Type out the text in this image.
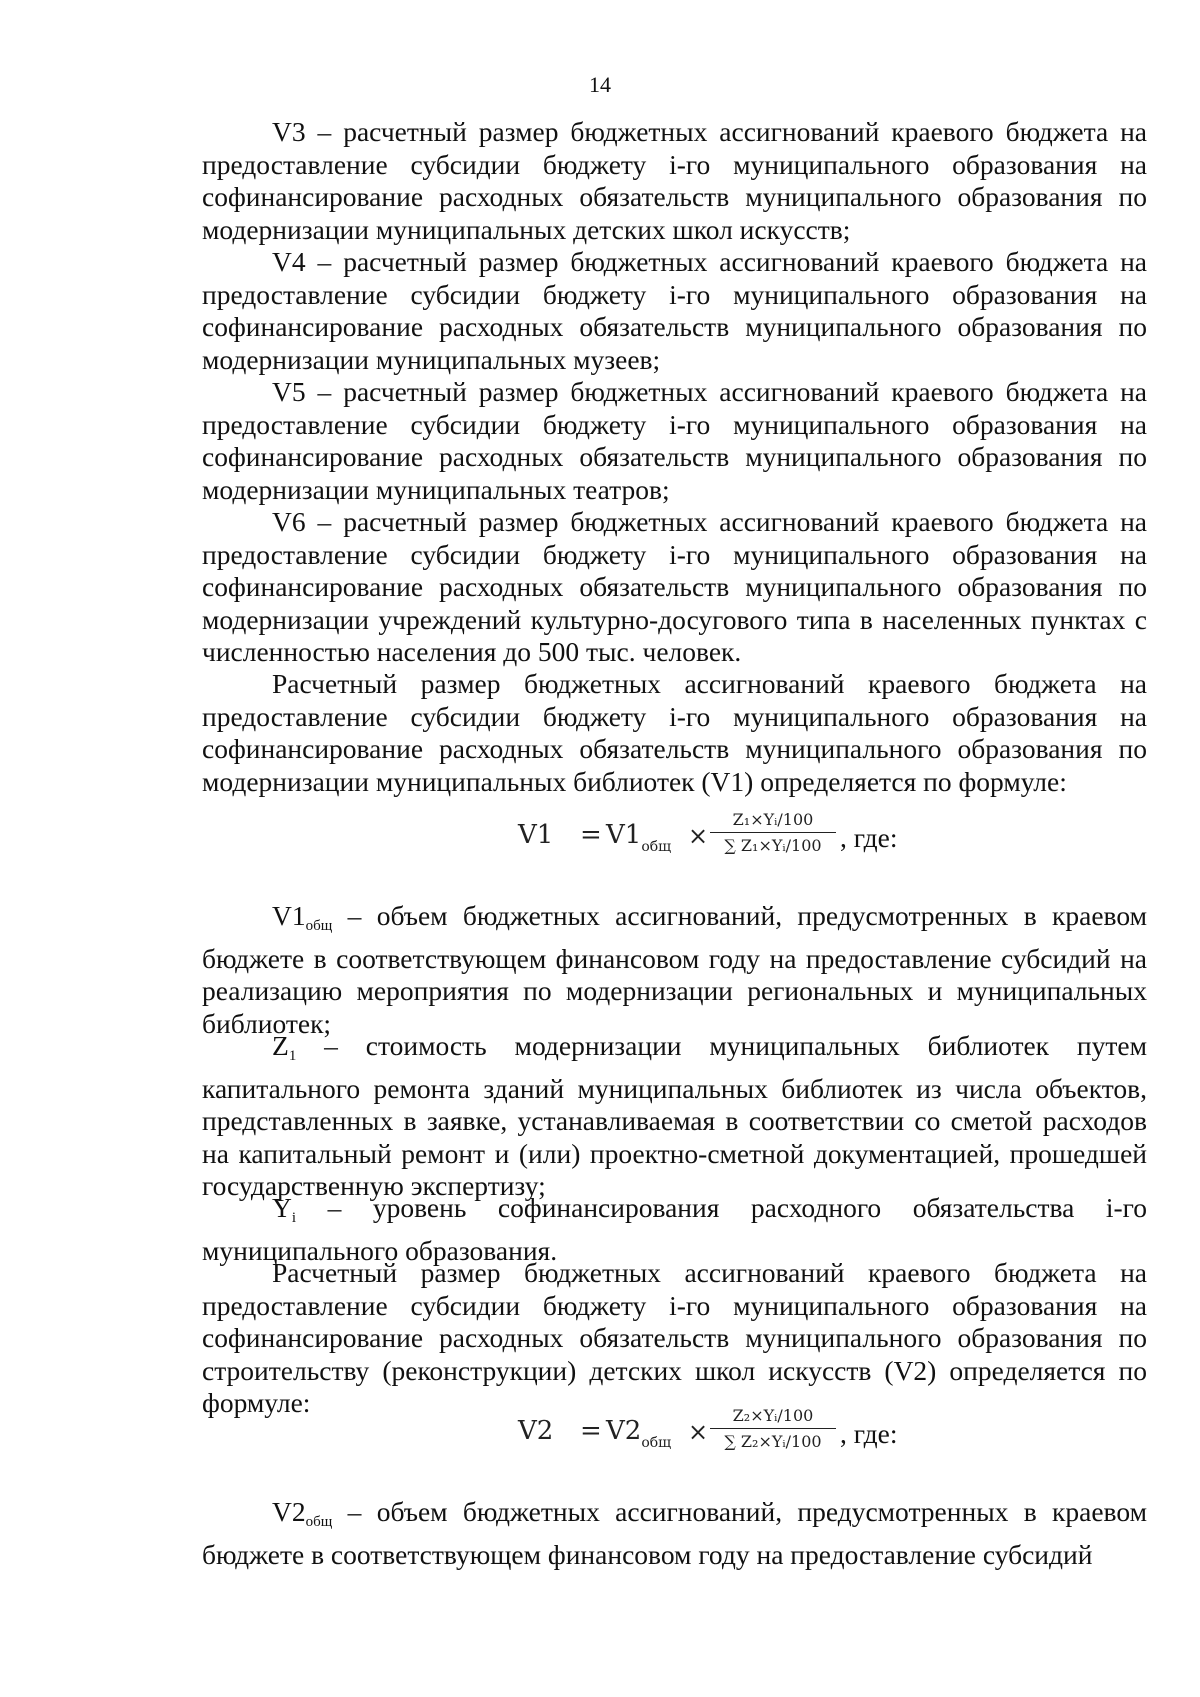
14

V3 – расчетный размер бюджетных ассигнований краевого бюджета на предоставление субсидии бюджету i-го муниципального образования на софинансирование расходных обязательств муниципального образования по модернизации муниципальных детских школ искусств;

V4 – расчетный размер бюджетных ассигнований краевого бюджета на предоставление субсидии бюджету i-го муниципального образования на софинансирование расходных обязательств муниципального образования по модернизации муниципальных музеев;

V5 – расчетный размер бюджетных ассигнований краевого бюджета на предоставление субсидии бюджету i-го муниципального образования на софинансирование расходных обязательств муниципального образования по модернизации муниципальных театров;

V6 – расчетный размер бюджетных ассигнований краевого бюджета на предоставление субсидии бюджету i-го муниципального образования на софинансирование расходных обязательств муниципального образования по модернизации учреждений культурно-досугового типа в населенных пунктах с численностью населения до 500 тыс. человек.

Расчетный размер бюджетных ассигнований краевого бюджета на предоставление субсидии бюджету i-го муниципального образования на софинансирование расходных обязательств муниципального образования по модернизации муниципальных библиотек (V1) определяется по формуле:

$V1 = V1_{общ} \times \frac{\text{Z₁×Yᵢ/100}}{\text{∑ Z₁×Yᵢ/100}}$ , где:

V1общ – объем бюджетных ассигнований, предусмотренных в краевом бюджете в соответствующем финансовом году на предоставление субсидий на реализацию мероприятия по модернизации региональных и муниципальных библиотек;

Z1 – стоимость модернизации муниципальных библиотек путем капитального ремонта зданий муниципальных библиотек из числа объектов, представленных в заявке, устанавливаемая в соответствии со сметой расходов на капитальный ремонт и (или) проектно-сметной документацией, прошедшей государственную экспертизу;

Yi – уровень софинансирования расходного обязательства i-го муниципального образования.

Расчетный размер бюджетных ассигнований краевого бюджета на предоставление субсидии бюджету i-го муниципального образования на софинансирование расходных обязательств муниципального образования по строительству (реконструкции) детских школ искусств (V2) определяется по формуле:

$V2 = V2_{общ} \times \frac{\text{Z₂×Yᵢ/100}}{\text{∑ Z₂×Yᵢ/100}}$ , где:

V2общ – объем бюджетных ассигнований, предусмотренных в краевом бюджете в соответствующем финансовом году на предоставление субсидий
